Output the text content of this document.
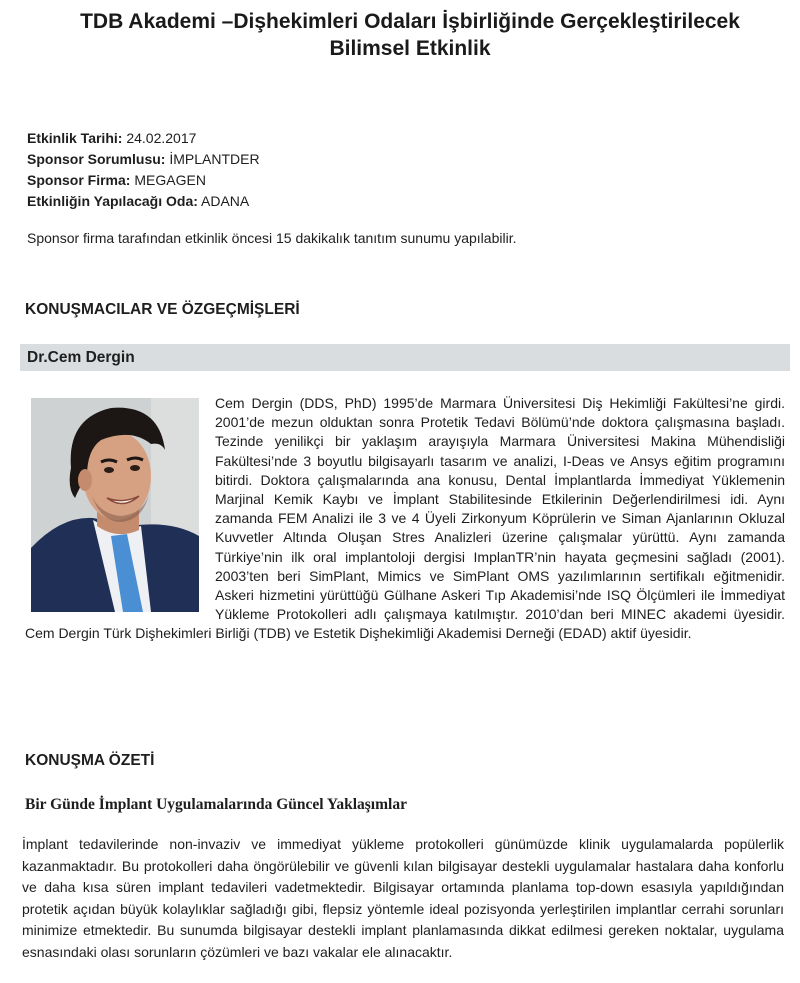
TDB Akademi –Dişhekimleri Odaları İşbirliğinde Gerçekleştirilecek
Bilimsel Etkinlik
Etkinlik Tarihi: 24.02.2017
Sponsor Sorumlusu: İMPLANTDER
Sponsor Firma: MEGAGEN
Etkinliğin Yapılacağı Oda: ADANA
Sponsor firma tarafından etkinlik öncesi 15 dakikalık tanıtım sunumu yapılabilir.
KONUŞMACILAR VE ÖZGEÇMİŞLERİ
Dr.Cem Dergin
Cem Dergin (DDS, PhD) 1995’de Marmara Üniversitesi Diş Hekimliği Fakültesi’ne girdi. 2001’de mezun olduktan sonra Protetik Tedavi Bölümü’nde doktora çalışmasına başladı. Tezinde yenilikçi bir yaklaşım arayışıyla Marmara Üniversitesi Makina Mühendisliği Fakültesi’nde 3 boyutlu bilgisayarlı tasarım ve analizi, I-Deas ve Ansys eğitim programını bitirdi. Doktora çalışmalarında ana konusu, Dental İmplantlarda İmmediyat Yüklemenin Marjinal Kemik Kaybı ve İmplant Stabilitesinde Etkilerinin Değerlendirilmesi idi. Aynı zamanda FEM Analizi ile 3 ve 4 Üyeli Zirkonyum Köprülerin ve Siman Ajanlarının Okluzal Kuvvetler Altında Oluşan Stres Analizleri üzerine çalışmalar yürüttü. Aynı zamanda Türkiye’nin ilk oral implantoloji dergisi ImplanTR’nin hayata geçmesini sağladı (2001). 2003’ten beri SimPlant, Mimics ve SimPlant OMS yazılımlarının sertifikalı eğitmenidir. Askeri hizmetini yürüttüğü Gülhane Askeri Tıp Akademisi’nde ISQ Ölçümleri ile İmmediyat Yükleme Protokolleri adlı çalışmaya katılmıştır. 2010’dan beri MINEC akademi üyesidir. Cem Dergin Türk Dişhekimleri Birliği (TDB) ve Estetik Dişhekimliği Akademisi Derneği (EDAD) aktif üyesidir.
KONUŞMA ÖZETİ
Bir Günde İmplant Uygulamalarında Güncel Yaklaşımlar
İmplant tedavilerinde non-invaziv ve immediyat yükleme protokolleri günümüzde klinik uygulamalarda popülerlik kazanmaktadır. Bu protokolleri daha öngörülebilir ve güvenli kılan bilgisayar destekli uygulamalar hastalara daha konforlu ve daha kısa süren implant tedavileri vadetmektedir. Bilgisayar ortamında planlama top-down esasıyla yapıldığından protetik açıdan büyük kolaylıklar sağladığı gibi, flepsiz yöntemle ideal pozisyonda yerleştirilen implantlar cerrahi sorunları minimize etmektedir. Bu sunumda bilgisayar destekli implant planlamasında dikkat edilmesi gereken noktalar, uygulama esnasındaki olası sorunların çözümleri ve bazı vakalar ele alınacaktır.
